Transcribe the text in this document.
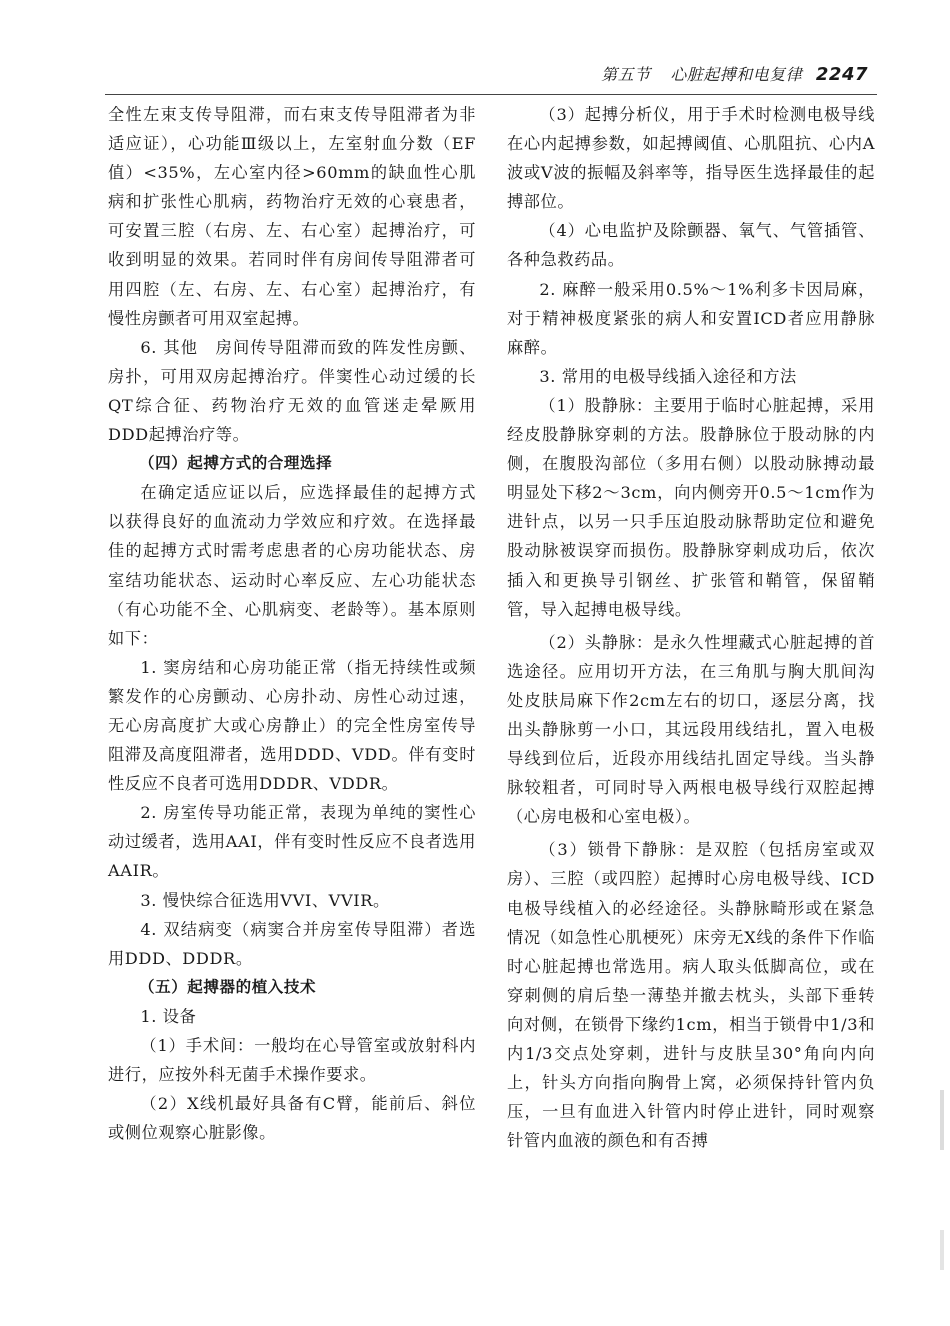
第五节 心脏起搏和电复律 2247

全性左束支传导阻滞，而右束支传导阻滞者为非适应证），心功能Ⅲ级以上，左室射血分数（EF值）<35%，左心室内径>60mm的缺血性心肌病和扩张性心肌病，药物治疗无效的心衰患者，可安置三腔（右房、左、右心室）起搏治疗，可收到明显的效果。若同时伴有房间传导阻滞者可用四腔（左、右房、左、右心室）起搏治疗，有慢性房颤者可用双室起搏。

6. 其他　房间传导阻滞而致的阵发性房颤、房扑，可用双房起搏治疗。伴窦性心动过缓的长QT综合征、药物治疗无效的血管迷走晕厥用DDD起搏治疗等。

（四）起搏方式的合理选择

在确定适应证以后，应选择最佳的起搏方式以获得良好的血流动力学效应和疗效。在选择最佳的起搏方式时需考虑患者的心房功能状态、房室结功能状态、运动时心率反应、左心功能状态（有心功能不全、心肌病变、老龄等）。基本原则如下：

1. 窦房结和心房功能正常（指无持续性或频繁发作的心房颤动、心房扑动、房性心动过速，无心房高度扩大或心房静止）的完全性房室传导阻滞及高度阻滞者，选用DDD、VDD。伴有变时性反应不良者可选用DDDR、VDDR。

2. 房室传导功能正常，表现为单纯的窦性心动过缓者，选用AAI，伴有变时性反应不良者选用AAIR。

3. 慢快综合征选用VVI、VVIR。

4. 双结病变（病窦合并房室传导阻滞）者选用DDD、DDDR。

（五）起搏器的植入技术

1. 设备

（1）手术间：一般均在心导管室或放射科内进行，应按外科无菌手术操作要求。

（2）X线机最好具备有C臂，能前后、斜位或侧位观察心脏影像。

（3）起搏分析仪，用于手术时检测电极导线在心内起搏参数，如起搏阈值、心肌阻抗、心内A波或V波的振幅及斜率等，指导医生选择最佳的起搏部位。

（4）心电监护及除颤器、氧气、气管插管、各种急救药品。

2. 麻醉一般采用0.5%～1%利多卡因局麻，对于精神极度紧张的病人和安置ICD者应用静脉麻醉。

3. 常用的电极导线插入途径和方法

（1）股静脉：主要用于临时心脏起搏，采用经皮股静脉穿刺的方法。股静脉位于股动脉的内侧，在腹股沟部位（多用右侧）以股动脉搏动最明显处下移2～3cm，向内侧旁开0.5～1cm作为进针点，以另一只手压迫股动脉帮助定位和避免股动脉被误穿而损伤。股静脉穿刺成功后，依次插入和更换导引钢丝、扩张管和鞘管，保留鞘管，导入起搏电极导线。

（2）头静脉：是永久性埋藏式心脏起搏的首选途径。应用切开方法，在三角肌与胸大肌间沟处皮肤局麻下作2cm左右的切口，逐层分离，找出头静脉剪一小口，其远段用线结扎，置入电极导线到位后，近段亦用线结扎固定导线。当头静脉较粗者，可同时导入两根电极导线行双腔起搏（心房电极和心室电极）。

（3）锁骨下静脉：是双腔（包括房室或双房）、三腔（或四腔）起搏时心房电极导线、ICD电极导线植入的必经途径。头静脉畸形或在紧急情况（如急性心肌梗死）床旁无X线的条件下作临时心脏起搏也常选用。病人取头低脚高位，或在穿刺侧的肩后垫一薄垫并撤去枕头，头部下垂转向对侧，在锁骨下缘约1cm，相当于锁骨中1/3和内1/3交点处穿刺，进针与皮肤呈30°角向内向上，针头方向指向胸骨上窝，必须保持针管内负压，一旦有血进入针管内时停止进针，同时观察针管内血液的颜色和有否搏
